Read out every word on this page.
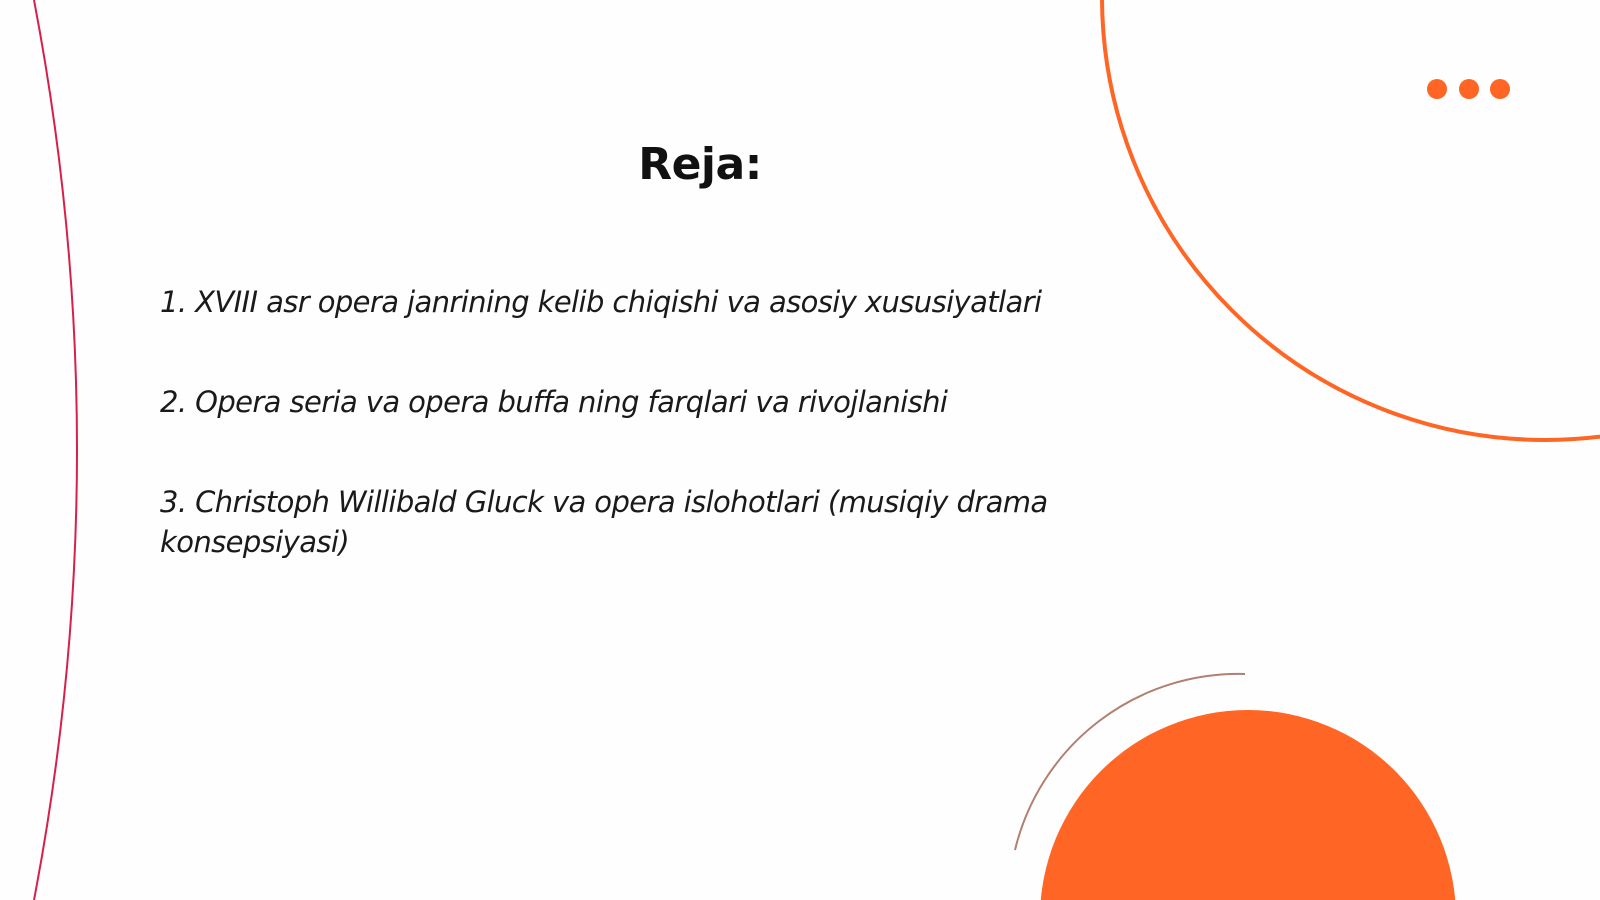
Reja:
1. XVIII asr opera janrining kelib chiqishi va asosiy xususiyatlari
2. Opera seria va opera buffa ning farqlari va rivojlanishi
3. Christoph Willibald Gluck va opera islohotlari (musiqiy drama konsepsiyasi)
